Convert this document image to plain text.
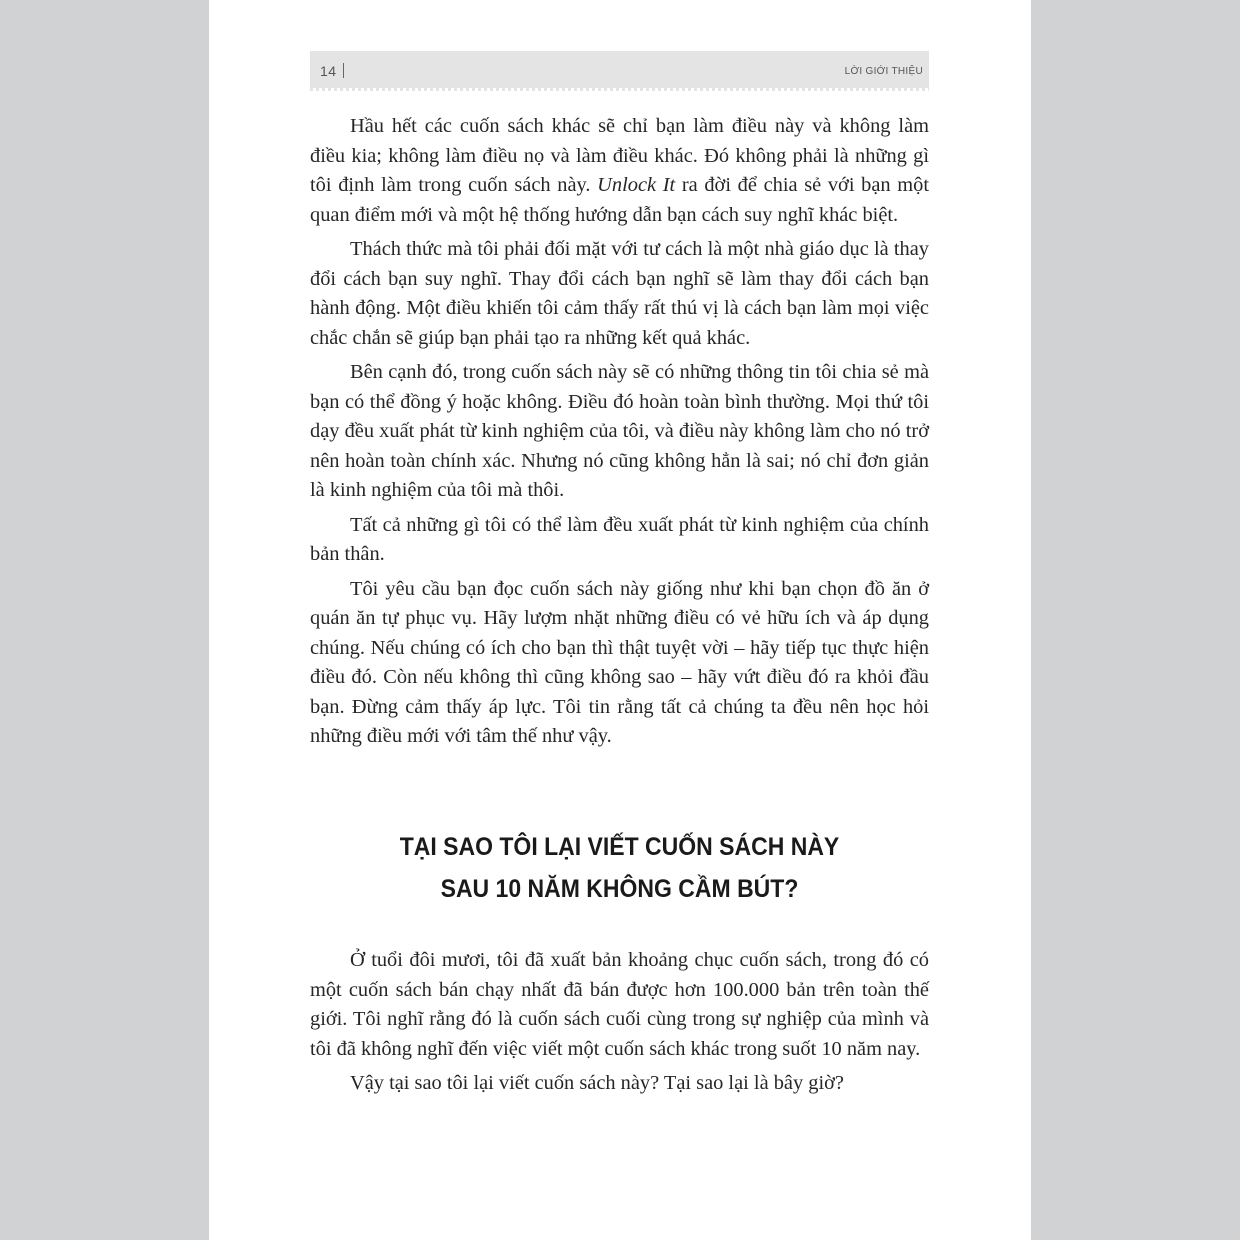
14	LỜI GIỚI THIỆU

Hầu hết các cuốn sách khác sẽ chỉ bạn làm điều này và không làm điều kia; không làm điều nọ và làm điều khác. Đó không phải là những gì tôi định làm trong cuốn sách này. Unlock It ra đời để chia sẻ với bạn một quan điểm mới và một hệ thống hướng dẫn bạn cách suy nghĩ khác biệt.

Thách thức mà tôi phải đối mặt với tư cách là một nhà giáo dục là thay đổi cách bạn suy nghĩ. Thay đổi cách bạn nghĩ sẽ làm thay đổi cách bạn hành động. Một điều khiến tôi cảm thấy rất thú vị là cách bạn làm mọi việc chắc chắn sẽ giúp bạn phải tạo ra những kết quả khác.

Bên cạnh đó, trong cuốn sách này sẽ có những thông tin tôi chia sẻ mà bạn có thể đồng ý hoặc không. Điều đó hoàn toàn bình thường. Mọi thứ tôi dạy đều xuất phát từ kinh nghiệm của tôi, và điều này không làm cho nó trở nên hoàn toàn chính xác. Nhưng nó cũng không hẳn là sai; nó chỉ đơn giản là kinh nghiệm của tôi mà thôi.

Tất cả những gì tôi có thể làm đều xuất phát từ kinh nghiệm của chính bản thân.

Tôi yêu cầu bạn đọc cuốn sách này giống như khi bạn chọn đồ ăn ở quán ăn tự phục vụ. Hãy lượm nhặt những điều có vẻ hữu ích và áp dụng chúng. Nếu chúng có ích cho bạn thì thật tuyệt vời – hãy tiếp tục thực hiện điều đó. Còn nếu không thì cũng không sao – hãy vứt điều đó ra khỏi đầu bạn. Đừng cảm thấy áp lực. Tôi tin rằng tất cả chúng ta đều nên học hỏi những điều mới với tâm thế như vậy.

TẠI SAO TÔI LẠI VIẾT CUỐN SÁCH NÀY
SAU 10 NĂM KHÔNG CẦM BÚT?

Ở tuổi đôi mươi, tôi đã xuất bản khoảng chục cuốn sách, trong đó có một cuốn sách bán chạy nhất đã bán được hơn 100.000 bản trên toàn thế giới. Tôi nghĩ rằng đó là cuốn sách cuối cùng trong sự nghiệp của mình và tôi đã không nghĩ đến việc viết một cuốn sách khác trong suốt 10 năm nay.

Vậy tại sao tôi lại viết cuốn sách này? Tại sao lại là bây giờ?
